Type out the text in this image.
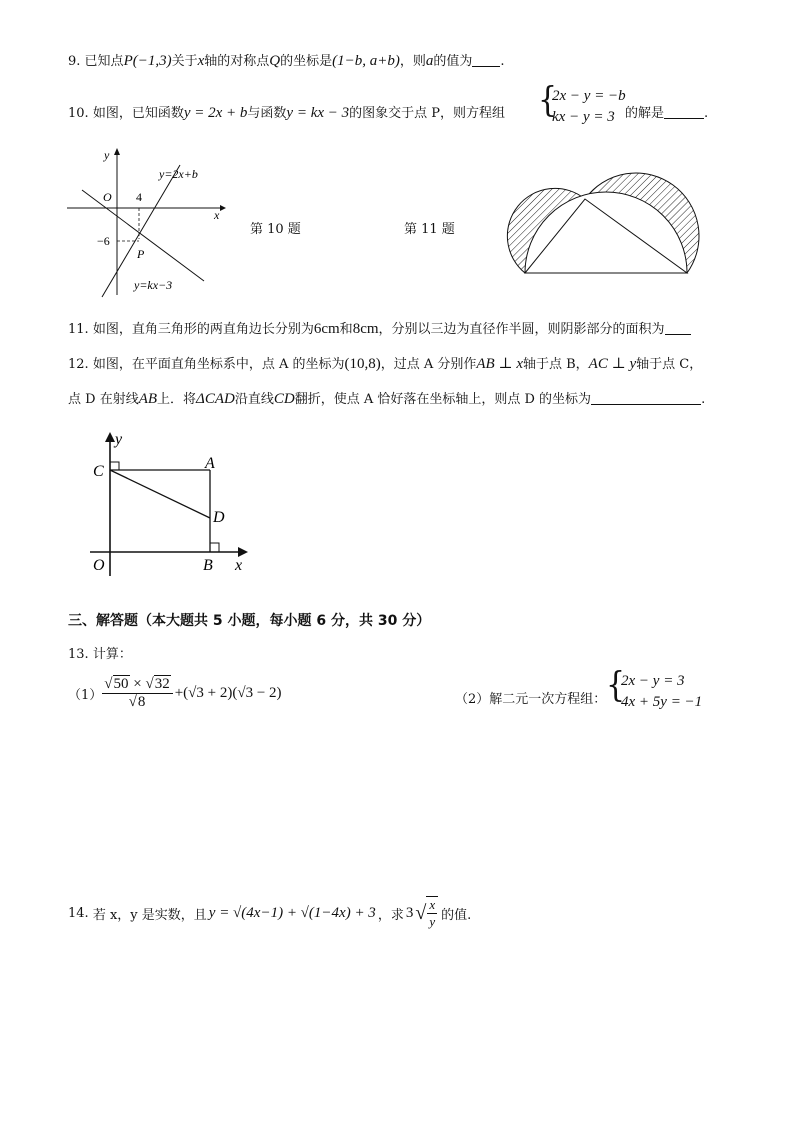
9. 已知点P(−1,3)关于x轴的对称点Q的坐标是(1−b, a+b)，则a的值为 .
10. 如图，已知函数y = 2x + b与函数y = kx − 3的图象交于点 P，则方程组 {
2x − y = −b
kx − y = 3 的解是	.
y
x
O 4
−6
P
y=2x+b
y=kx−3
第 10 题	第 11 题
11. 如图，直角三角形的两直角边长分别为6cm和8cm，分别以三边为直径作半圆，则阴影部分的面积为
12. 如图，在平面直角坐标系中，点 A 的坐标为(10,8)，过点 A 分别作AB ⊥ x轴于点 B，AC ⊥ y轴于点 C，
点 D 在射线AB上．将ΔCAD沿直线CD翻折，使点 A 恰好落在坐标轴上，则点 D 的坐标为	.
y
C	A
D
O	B x
三、解答题（本大题共 5 小题，每小题 6 分，共 30 分）
13. 计算：
$(1) \frac{√50 \times √32}{√8} +(√3 + 2)(√3 - 2)$	（2）解二元一次方程组： {
2x − y = 3
4x + 5y = −1
14.
若 x，y 是实数，且 y = √(4x−1) + √(1−4x) + 3 ，求 3 √ $\frac{x}{y}$ 的值.
